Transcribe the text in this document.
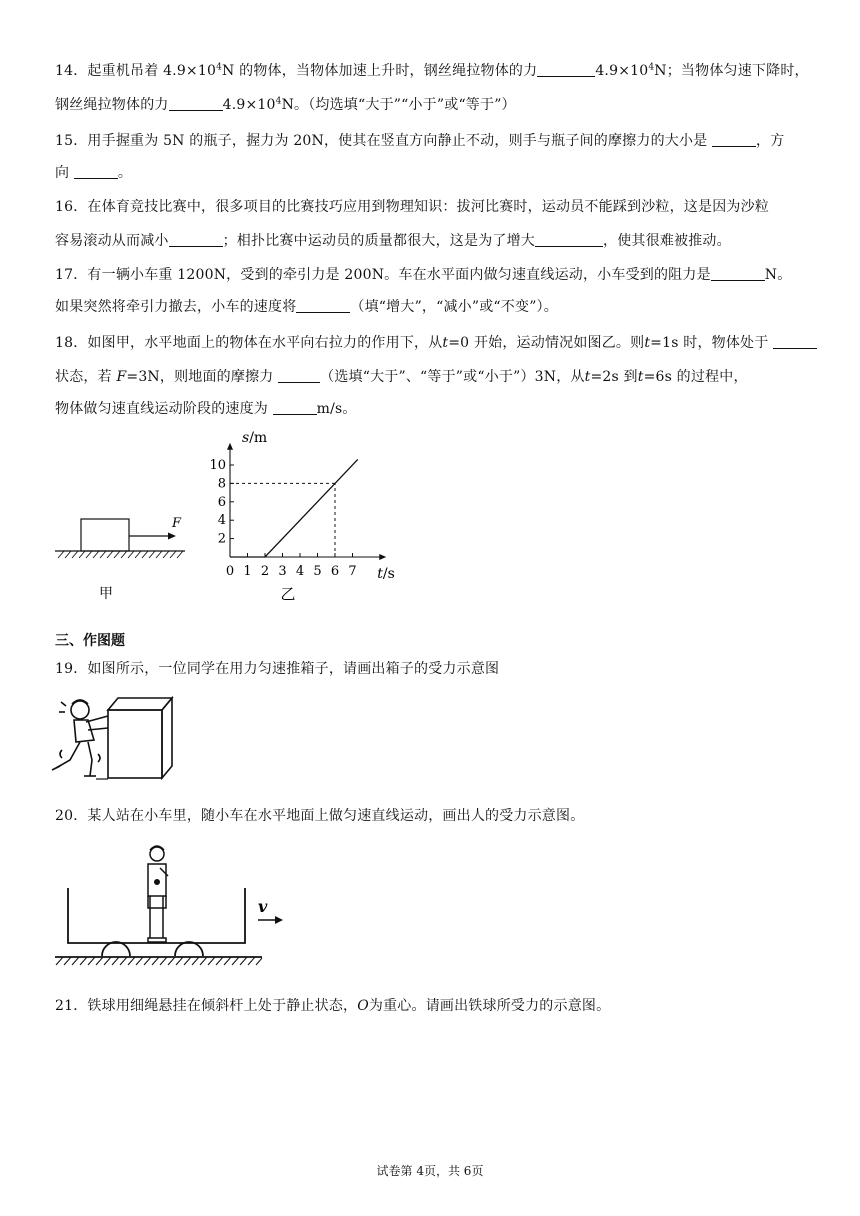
14．起重机吊着 $4.9\times 10^4N$ 的物体，当物体加速上升时，钢丝绳拉物体的力	$4.9\times 10^4N$；当物体匀速下降时，
钢丝绳拉物体的力	$4.9\times 10^4N$。（均选填“大于”“小于”或“等于”）
15．用手握重为 5N 的瓶子，握力为 20N，使其在竖直方向静止不动，则手与瓶子间的摩擦力的大小是	，方
向	。
16．在体育竞技比赛中，很多项目的比赛技巧应用到物理知识：拔河比赛时，运动员不能踩到沙粒，这是因为沙粒
容易滚动从而减小	；相扑比赛中运动员的质量都很大，这是为了增大	，使其很难被推动。
17．有一辆小车重 1200N，受到的牵引力是 200N。车在水平面内做匀速直线运动，小车受到的阻力是	N。
如果突然将牵引力撤去，小车的速度将	（填“增大”，“减小”或“不变”）。
18．如图甲，水平地面上的物体在水平向右拉力的作用下，从t=0 开始，运动情况如图乙。则t=1s 时，物体处于
状态，若 F=3N，则地面的摩擦力	（选填“大于”、“等于”或“小于”）3N，从t=2s 到t=6s 的过程中，
物体做匀速直线运动阶段的速度为	m/s。
F
甲
0 1 2 3 4 5 6 7
2
4
6
8
10
s/m
t/s
乙
三、作图题
19．如图所示，一位同学在用力匀速推箱子，请画出箱子的受力示意图
20．某人站在小车里，随小车在水平地面上做匀速直线运动，画出人的受力示意图。
v
21．铁球用细绳悬挂在倾斜杆上处于静止状态，O为重心。请画出铁球所受力的示意图。
试卷第 4页，共 6页
